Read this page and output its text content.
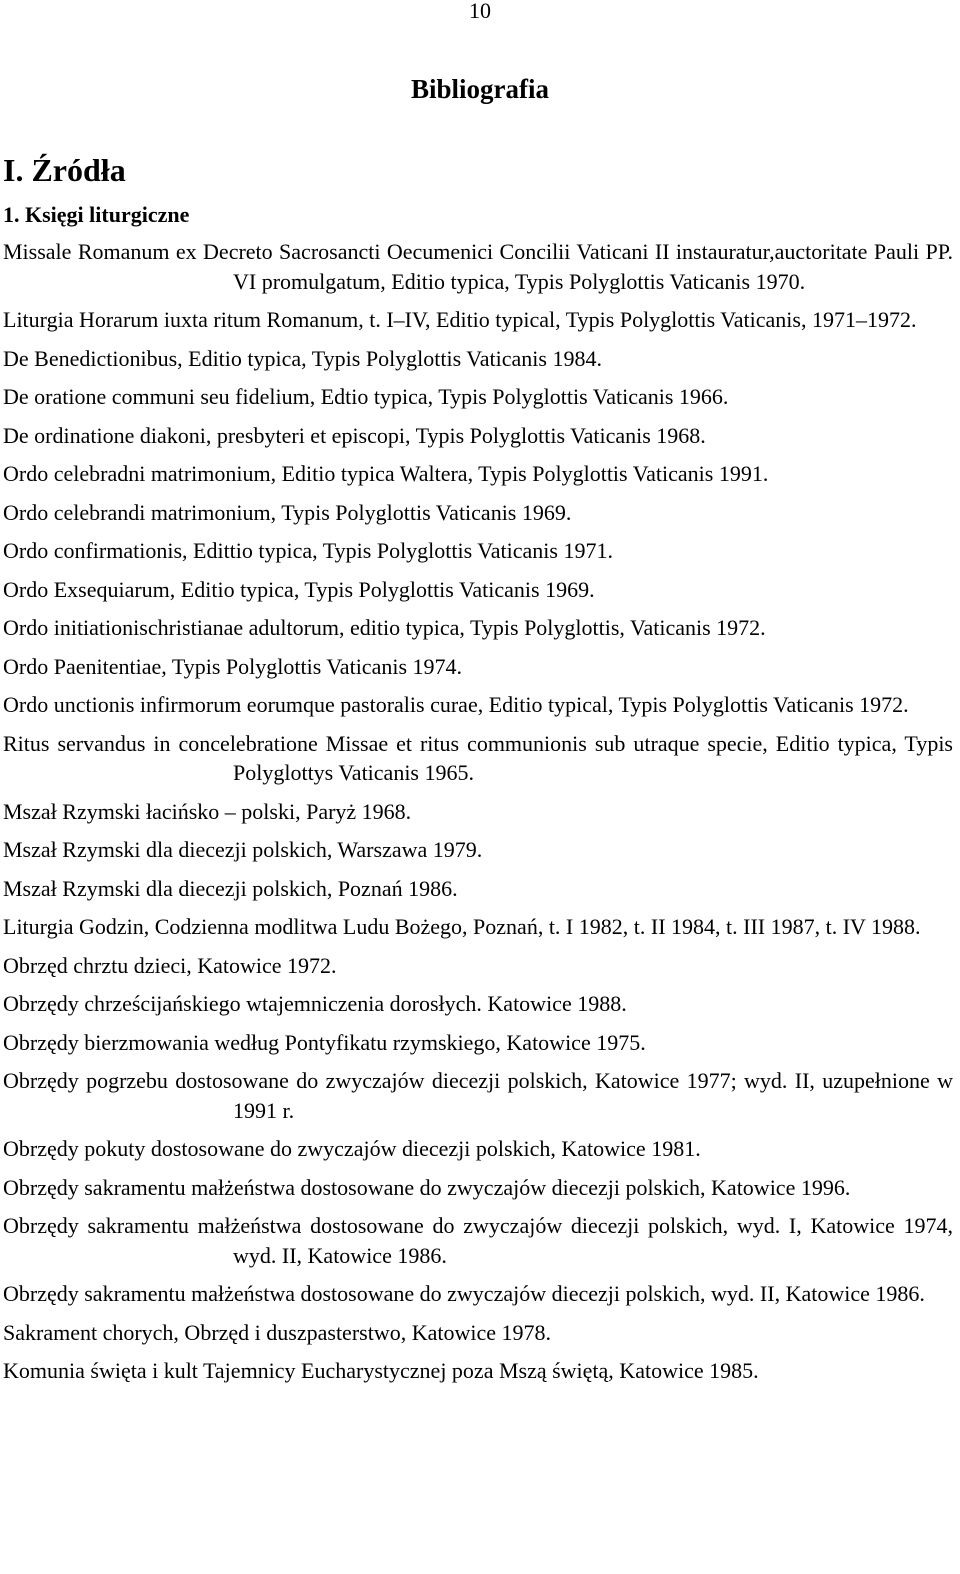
10
Bibliografia
I. Źródła
1. Księgi liturgiczne
Missale Romanum ex Decreto Sacrosancti Oecumenici Concilii Vaticani II instauratur,auctoritate Pauli PP. VI promulgatum, Editio typica, Typis Polyglottis Vaticanis 1970.
Liturgia Horarum iuxta ritum Romanum, t. I–IV, Editio typical, Typis Polyglottis Vaticanis, 1971–1972.
De Benedictionibus, Editio typica, Typis Polyglottis Vaticanis 1984.
De oratione communi seu fidelium, Edtio typica, Typis Polyglottis Vaticanis 1966.
De ordinatione diakoni, presbyteri et episcopi, Typis Polyglottis Vaticanis 1968.
Ordo celebradni matrimonium, Editio typica Waltera, Typis Polyglottis Vaticanis 1991.
Ordo celebrandi matrimonium, Typis Polyglottis Vaticanis 1969.
Ordo confirmationis, Edittio typica, Typis Polyglottis Vaticanis 1971.
Ordo Exsequiarum, Editio typica, Typis Polyglottis Vaticanis 1969.
Ordo initiationischristianae adultorum, editio typica, Typis Polyglottis, Vaticanis 1972.
Ordo Paenitentiae, Typis Polyglottis Vaticanis 1974.
Ordo unctionis infirmorum eorumque pastoralis curae, Editio typical, Typis Polyglottis Vaticanis 1972.
Ritus servandus in concelebratione Missae et ritus communionis sub utraque specie, Editio typica, Typis Polyglottys Vaticanis 1965.
Mszał Rzymski łacińsko – polski, Paryż 1968.
Mszał Rzymski dla diecezji polskich, Warszawa 1979.
Mszał Rzymski dla diecezji polskich, Poznań 1986.
Liturgia Godzin, Codzienna modlitwa Ludu Bożego, Poznań, t. I 1982, t. II 1984, t. III 1987, t. IV 1988.
Obrzęd chrztu dzieci, Katowice 1972.
Obrzędy chrześcijańskiego wtajemniczenia dorosłych. Katowice 1988.
Obrzędy bierzmowania według Pontyfikatu rzymskiego, Katowice 1975.
Obrzędy pogrzebu dostosowane do zwyczajów diecezji polskich, Katowice 1977; wyd. II, uzupełnione w 1991 r.
Obrzędy pokuty dostosowane do zwyczajów diecezji polskich, Katowice 1981.
Obrzędy sakramentu małżeństwa dostosowane do zwyczajów diecezji polskich, Katowice 1996.
Obrzędy sakramentu małżeństwa dostosowane do zwyczajów diecezji polskich, wyd. I, Katowice 1974, wyd. II, Katowice 1986.
Obrzędy sakramentu małżeństwa dostosowane do zwyczajów diecezji polskich, wyd. II, Katowice 1986.
Sakrament chorych, Obrzęd i duszpasterstwo, Katowice 1978.
Komunia święta i kult Tajemnicy Eucharystycznej poza Mszą świętą, Katowice 1985.
